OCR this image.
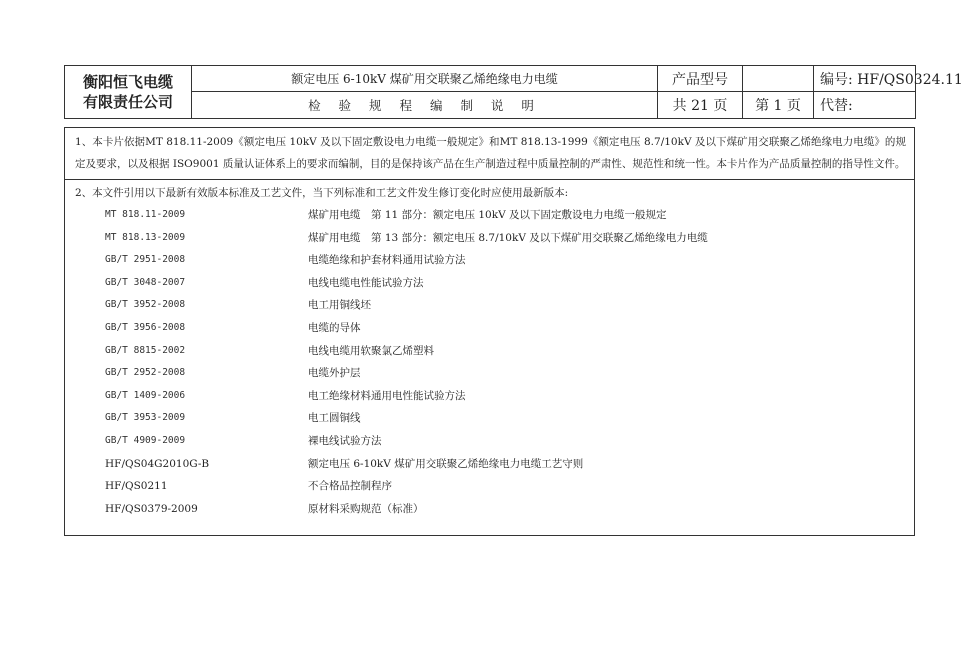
衡阳恒飞电缆
有限责任公司	额定电压 6-10kV 煤矿用交联聚乙烯绝缘电力电缆	产品型号		编号: HF/QS0324.11
	检 验 规 程 编 制 说 明	共 21 页	第 1 页	代替:
1、本卡片依据MT 818.11-2009《额定电压 10kV 及以下固定敷设电力电缆一般规定》和MT 818.13-1999《额定电压 8.7/10kV 及以下煤矿用交联聚乙烯绝缘电力电缆》的规定及要求，以及根据 ISO9001 质量认证体系上的要求而编制，目的是保持该产品在生产制造过程中质量控制的严肃性、规范性和统一性。本卡片作为产品质量控制的指导性文件。
2、本文件引用以下最新有效版本标准及工艺文件，当下列标准和工艺文件发生修订变化时应使用最新版本:
MT 818.11-2009	煤矿用电缆　第 11 部分：额定电压 10kV 及以下固定敷设电力电缆一般规定
MT 818.13-2009	煤矿用电缆　第 13 部分：额定电压 8.7/10kV 及以下煤矿用交联聚乙烯绝缘电力电缆
GB/T 2951-2008	电缆绝缘和护套材料通用试验方法
GB/T 3048-2007	电线电缆电性能试验方法
GB/T 3952-2008	电工用铜线坯
GB/T 3956-2008	电缆的导体
GB/T 8815-2002	电线电缆用软聚氯乙烯塑料
GB/T 2952-2008	电缆外护层
GB/T 1409-2006	电工绝缘材料通用电性能试验方法
GB/T 3953-2009	电工圆铜线
GB/T 4909-2009	裸电线试验方法
HF/QS04G2010G-B	额定电压 6-10kV 煤矿用交联聚乙烯绝缘电力电缆工艺守则
HF/QS0211	不合格品控制程序
HF/QS0379-2009	原材料采购规范（标准）
